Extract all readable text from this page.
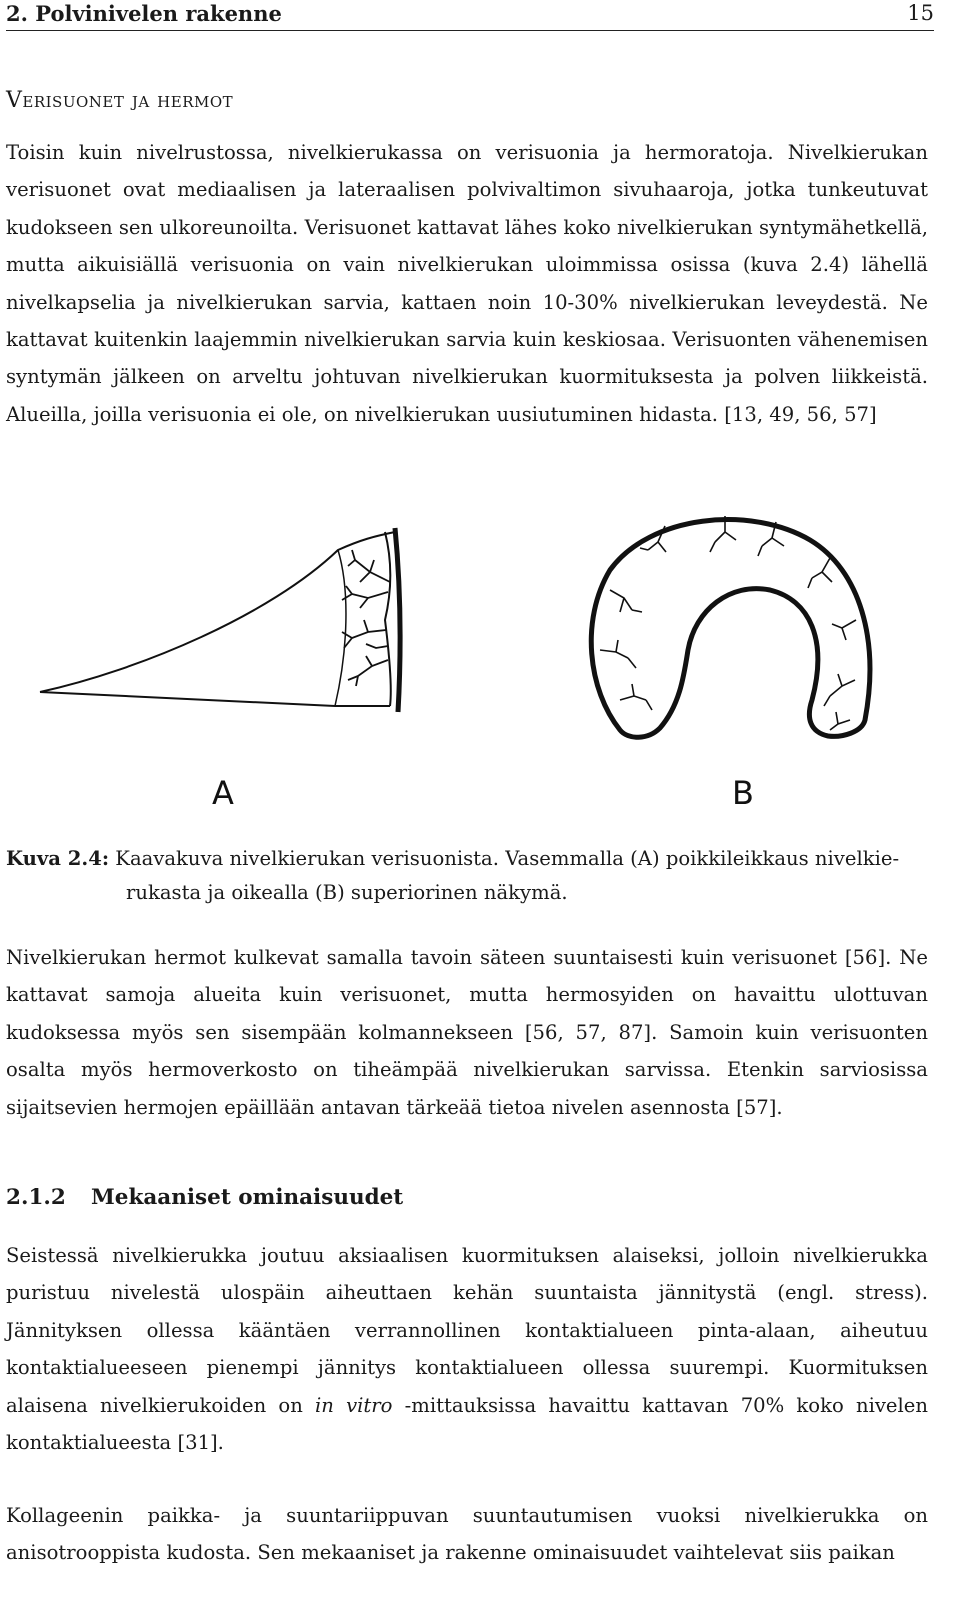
2. Polvinivelen rakenne	15
Verisuonet ja hermot

Toisin kuin nivelrustossa, nivelkierukassa on verisuonia ja hermoratoja. Nivelkierukan verisuonet ovat mediaalisen ja lateraalisen polvivaltimon sivuhaaroja, jotka tunkeutuvat kudokseen sen ulkoreunoilta. Verisuonet kattavat lähes koko nivelkierukan syntymähetkellä, mutta aikuisiällä verisuonia on vain nivelkierukan uloimmissa osissa (kuva 2.4) lähellä nivelkapselia ja nivelkierukan sarvia, kattaen noin 10-30% nivelkierukan leveydestä. Ne kattavat kuitenkin laajemmin nivelkierukan sarvia kuin keskiosaa. Verisuonten vähenemisen syntymän jälkeen on arveltu johtuvan nivelkierukan kuormituksesta ja polven liikkeistä. Alueilla, joilla verisuonia ei ole, on nivelkierukan uusiutuminen hidasta. [13, 49, 56, 57]

A	B
Kuva 2.4: Kaavakuva nivelkierukan verisuonista. Vasemmalla (A) poikkileikkaus nivelkie-
rukasta ja oikealla (B) superiorinen näkymä.

Nivelkierukan hermot kulkevat samalla tavoin säteen suuntaisesti kuin verisuonet [56]. Ne kattavat samoja alueita kuin verisuonet, mutta hermosyiden on havaittu ulottuvan kudoksessa myös sen sisempään kolmannekseen [56, 57, 87]. Samoin kuin verisuonten osalta myös hermoverkosto on tiheämpää nivelkierukan sarvissa. Etenkin sarviosissa sijaitsevien hermojen epäillään antavan tärkeää tietoa nivelen asennosta [57].

2.1.2 Mekaaniset ominaisuudet

Seistessä nivelkierukka joutuu aksiaalisen kuormituksen alaiseksi, jolloin nivelkierukka puristuu nivelestä ulospäin aiheuttaen kehän suuntaista jännitystä (engl. stress). Jännityksen ollessa kääntäen verrannollinen kontaktialueen pinta-alaan, aiheutuu kontaktialueeseen pienempi jännitys kontaktialueen ollessa suurempi. Kuormituksen alaisena nivelkierukoiden on in vitro -mittauksissa havaittu kattavan 70% koko nivelen kontaktialueesta [31].

Kollageenin paikka- ja suuntariippuvan suuntautumisen vuoksi nivelkierukka on anisotrooppista kudosta. Sen mekaaniset ja rakenne ominaisuudet vaihtelevat siis paikan
